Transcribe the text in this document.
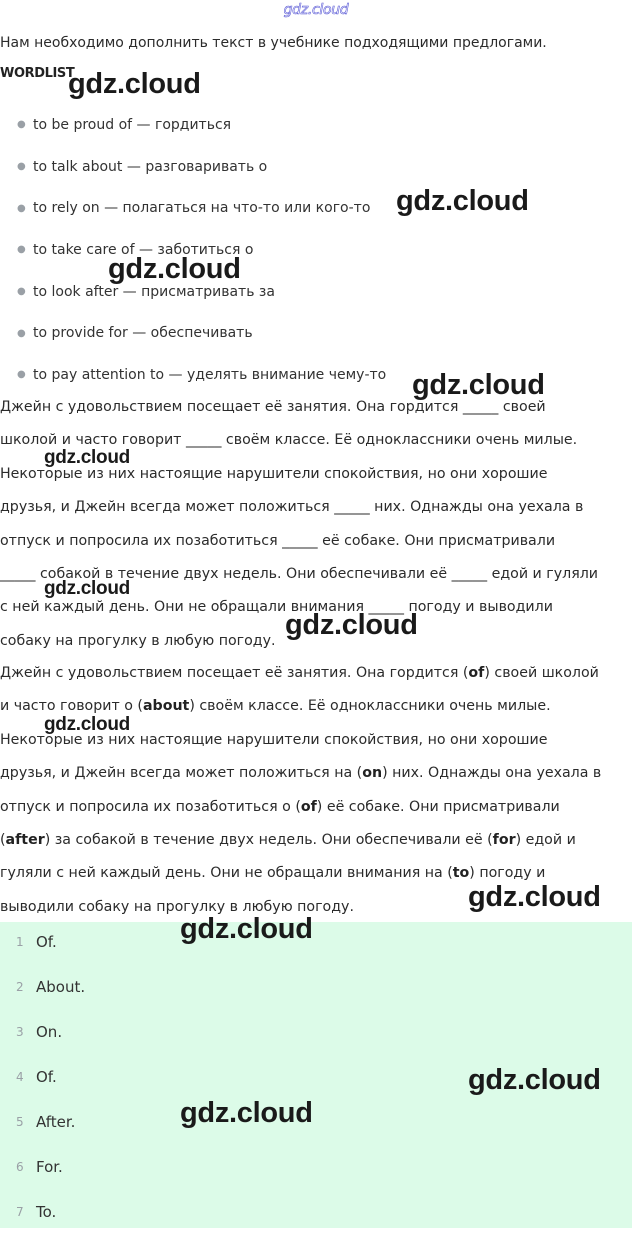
gdz.cloud
Нам необходимо дополнить текст в учебнике подходящими предлогами.
WORDLIST
● to be proud of — гордиться
● to talk about — разговаривать о
● to rely on — полагаться на что-то или кого-то
● to take care of — заботиться о
● to look after — присматривать за
● to provide for — обеспечивать
● to pay attention to — уделять внимание чему-то
Джейн с удовольствием посещает её занятия. Она гордится _____ своей
школой и часто говорит _____ своём классе. Её одноклассники очень милые.
Некоторые из них настоящие нарушители спокойствия, но они хорошие
друзья, и Джейн всегда может положиться _____ них. Однажды она уехала в
отпуск и попросила их позаботиться _____ её собаке. Они присматривали
_____ собакой в течение двух недель. Они обеспечивали её _____ едой и гуляли
с ней каждый день. Они не обращали внимания _____ погоду и выводили
собаку на прогулку в любую погоду.
Джейн с удовольствием посещает её занятия. Она гордится (of) своей школой
и часто говорит о (about) своём классе. Её одноклассники очень милые.
Некоторые из них настоящие нарушители спокойствия, но они хорошие
друзья, и Джейн всегда может положиться на (on) них. Однажды она уехала в
отпуск и попросила их позаботиться о (of) её собаке. Они присматривали
(after) за собакой в течение двух недель. Они обеспечивали её (for) едой и
гуляли с ней каждый день. Они не обращали внимания на (to) погоду и
выводили собаку на прогулку в любую погоду.
1 Of.
2 About.
3 On.
4 Of.
5 After.
6 For.
7 To.
gdz.cloud
gdz.cloud
gdz.cloud
gdz.cloud
gdz.cloud
gdz.cloud
gdz.cloud
gdz.cloud
gdz.cloud
gdz.cloud
gdz.cloud
gdz.cloud
